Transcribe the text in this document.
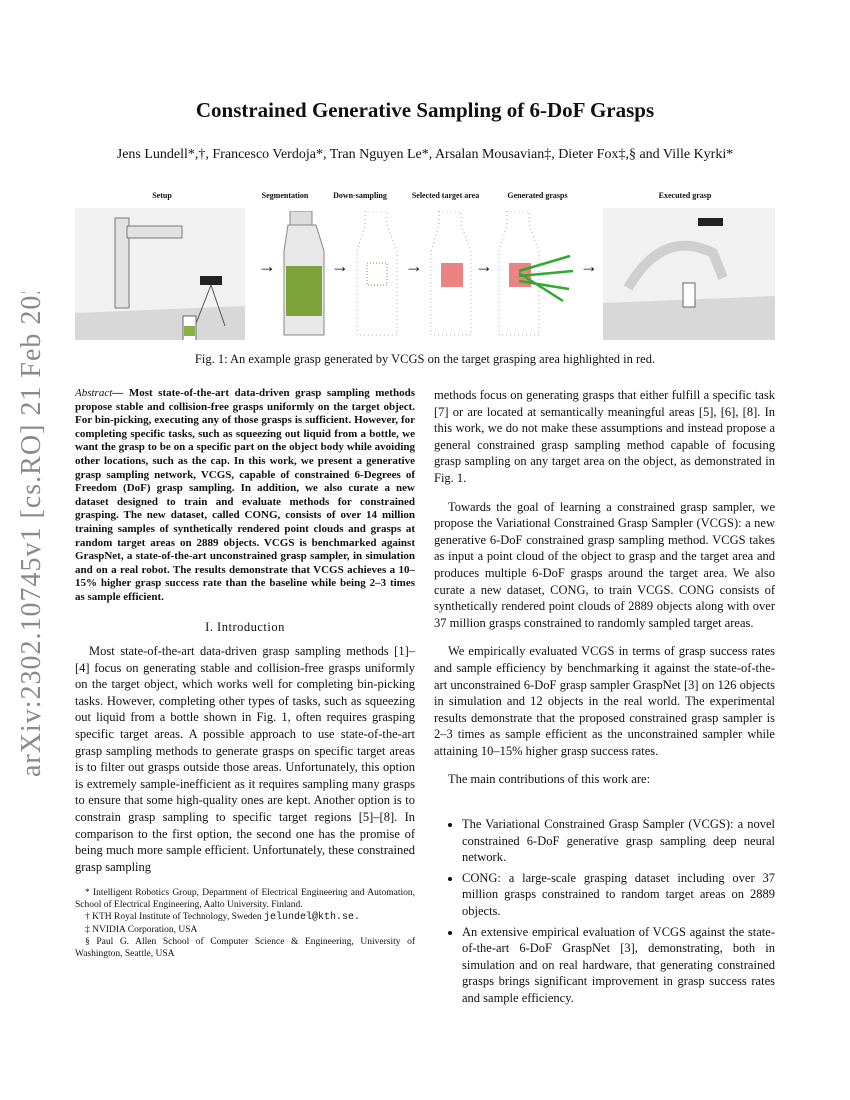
Constrained Generative Sampling of 6-DoF Grasps
Jens Lundell*,†, Francesco Verdoja*, Tran Nguyen Le*, Arsalan Mousavian‡, Dieter Fox‡,§ and Ville Kyrki*
arXiv:2302.10745v1 [cs.RO] 21 Feb 2023
Setup	Segmentation	Down-sampling	Selected target area	Generated grasps	Executed grasp
→	→	→	→	→
Fig. 1: An example grasp generated by VCGS on the target grasping area highlighted in red.
Abstract— Most state-of-the-art data-driven grasp sampling methods propose stable and collision-free grasps uniformly on the target object. For bin-picking, executing any of those grasps is sufficient. However, for completing specific tasks, such as squeezing out liquid from a bottle, we want the grasp to be on a specific part on the object body while avoiding other locations, such as the cap. In this work, we present a generative grasp sampling network, VCGS, capable of constrained 6-Degrees of Freedom (DoF) grasp sampling. In addition, we also curate a new dataset designed to train and evaluate methods for constrained grasping. The new dataset, called CONG, consists of over 14 million training samples of synthetically rendered point clouds and grasps at random target areas on 2889 objects. VCGS is benchmarked against GraspNet, a state-of-the-art unconstrained grasp sampler, in simulation and on a real robot. The results demonstrate that VCGS achieves a 10–15% higher grasp success rate than the baseline while being 2–3 times as sample efficient.
I. Introduction

Most state-of-the-art data-driven grasp sampling methods [1]–[4] focus on generating stable and collision-free grasps uniformly on the target object, which works well for completing bin-picking tasks. However, completing other types of tasks, such as squeezing out liquid from a bottle shown in Fig. 1, often requires grasping specific target areas. A possible approach to use state-of-the-art grasp sampling methods to generate grasps on specific target areas is to filter out grasps outside those areas. Unfortunately, this option is extremely sample-inefficient as it requires sampling many grasps to ensure that some high-quality ones are kept. Another option is to constrain grasp sampling to specific target regions [5]–[8]. In comparison to the first option, the second one has the promise of being much more sample efficient. Unfortunately, these constrained grasp sampling

* Intelligent Robotics Group, Department of Electrical Engineering and Automation, School of Electrical Engineering, Aalto University. Finland.
† KTH Royal Institute of Technology, Sweden jelundel@kth.se.
‡ NVIDIA Corporation, USA
§ Paul G. Allen School of Computer Science & Engineering, University of Washington, Seattle, USA
methods focus on generating grasps that either fulfill a specific task [7] or are located at semantically meaningful areas [5], [6], [8]. In this work, we do not make these assumptions and instead propose a general constrained grasp sampling method capable of focusing grasp sampling on any target area on the object, as demonstrated in Fig. 1.

Towards the goal of learning a constrained grasp sampler, we propose the Variational Constrained Grasp Sampler (VCGS): a new generative 6-DoF constrained grasp sampling method. VCGS takes as input a point cloud of the object to grasp and the target area and produces multiple 6-DoF grasps around the target area. We also curate a new dataset, CONG, to train VCGS. CONG consists of synthetically rendered point clouds of 2889 objects along with over 37 million grasps constrained to randomly sampled target areas.

We empirically evaluated VCGS in terms of grasp success rates and sample efficiency by benchmarking it against the state-of-the-art unconstrained 6-DoF grasp sampler GraspNet [3] on 126 objects in simulation and 12 objects in the real world. The experimental results demonstrate that the proposed constrained grasp sampler is 2–3 times as sample efficient as the unconstrained sampler while attaining 10–15% higher grasp success rates.

The main contributions of this work are:

• The Variational Constrained Grasp Sampler (VCGS): a novel constrained 6-DoF generative grasp sampling deep neural network.
• CONG: a large-scale grasping dataset including over 37 million grasps constrained to random target areas on 2889 objects.
• An extensive empirical evaluation of VCGS against the state-of-the-art 6-DoF GraspNet [3], demonstrating, both in simulation and on real hardware, that generating constrained grasps brings significant improvement in grasp success rates and sample efficiency.
